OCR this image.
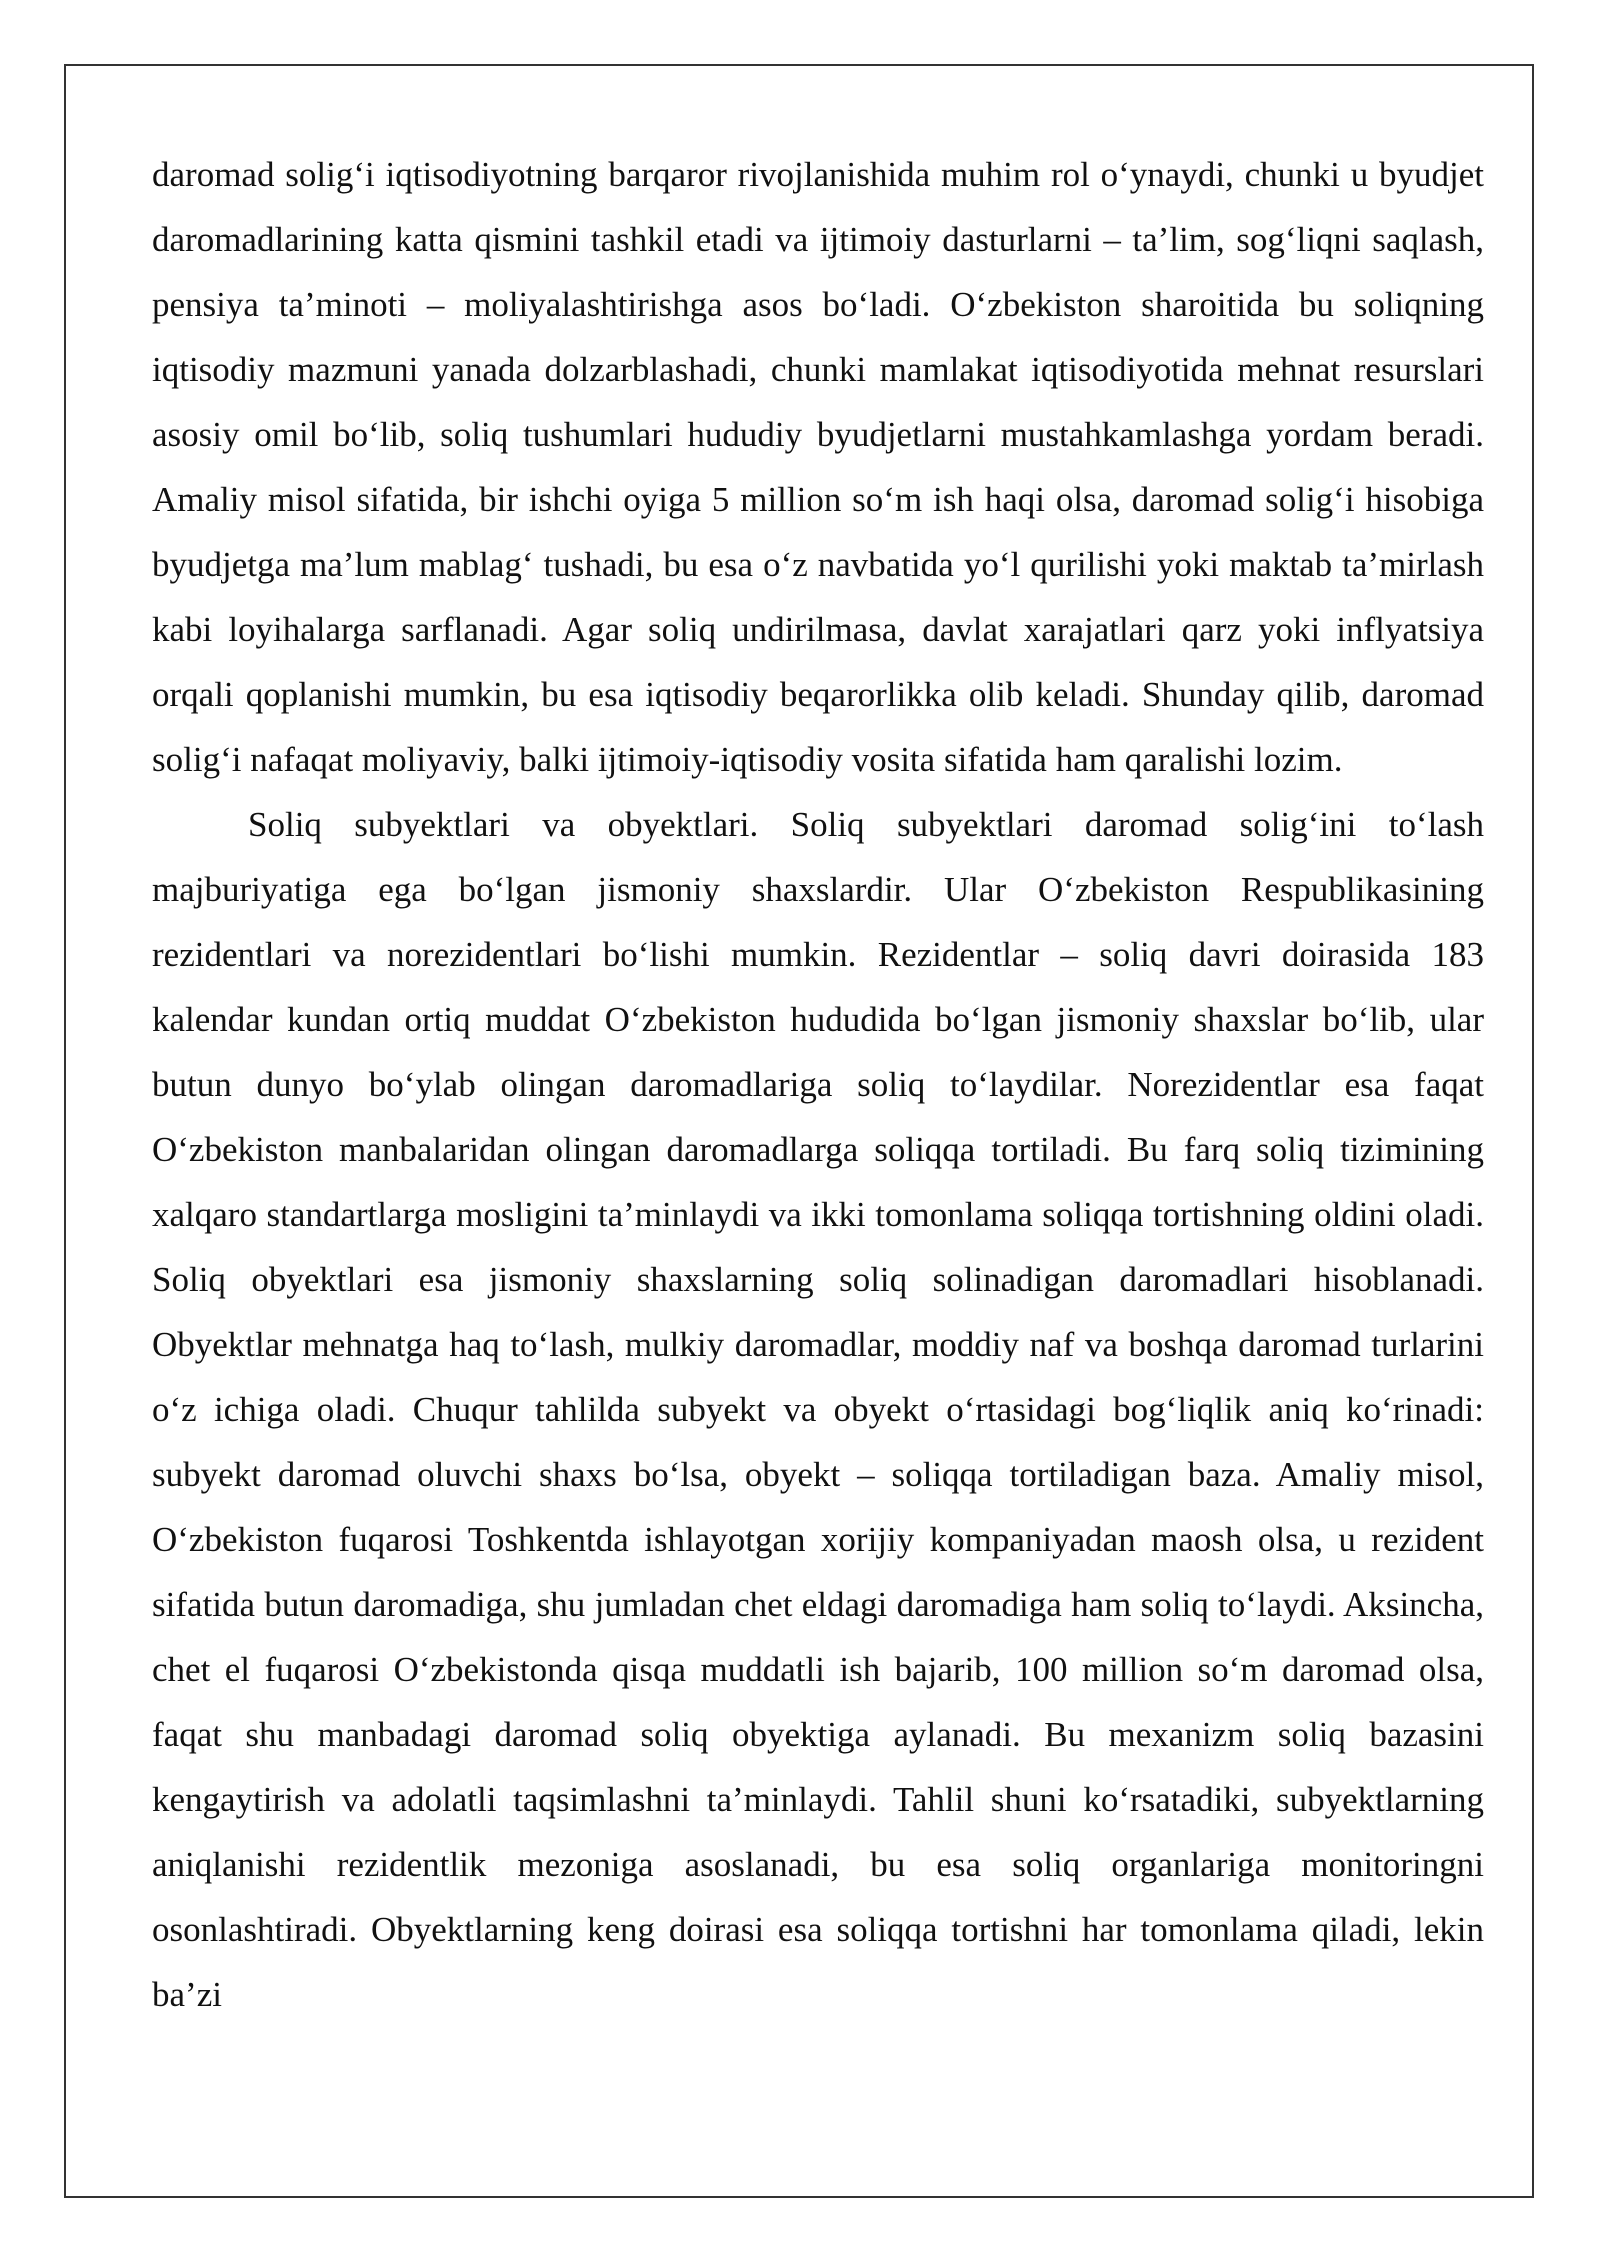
daromad solig‘i iqtisodiyotning barqaror rivojlanishida muhim rol o‘ynaydi, chunki u byudjet daromadlarining katta qismini tashkil etadi va ijtimoiy dasturlarni – ta’lim, sog‘liqni saqlash, pensiya ta’minoti – moliyalashtirishga asos bo‘ladi. O‘zbekiston sharoitida bu soliqning iqtisodiy mazmuni yanada dolzarblashadi, chunki mamlakat iqtisodiyotida mehnat resurslari asosiy omil bo‘lib, soliq tushumlari hududiy byudjetlarni mustahkamlashga yordam beradi. Amaliy misol sifatida, bir ishchi oyiga 5 million so‘m ish haqi olsa, daromad solig‘i hisobiga byudjetga ma’lum mablag‘ tushadi, bu esa o‘z navbatida yo‘l qurilishi yoki maktab ta’mirlash kabi loyihalarga sarflanadi. Agar soliq undirilmasa, davlat xarajatlari qarz yoki inflyatsiya orqali qoplanishi mumkin, bu esa iqtisodiy beqarorlikka olib keladi. Shunday qilib, daromad solig‘i nafaqat moliyaviy, balki ijtimoiy-iqtisodiy vosita sifatida ham qaralishi lozim.

Soliq subyektlari va obyektlari. Soliq subyektlari daromad solig‘ini to‘lash majburiyatiga ega bo‘lgan jismoniy shaxslardir. Ular O‘zbekiston Respublikasining rezidentlari va norezidentlari bo‘lishi mumkin. Rezidentlar – soliq davri doirasida 183 kalendar kundan ortiq muddat O‘zbekiston hududida bo‘lgan jismoniy shaxslar bo‘lib, ular butun dunyo bo‘ylab olingan daromadlariga soliq to‘laydilar. Norezidentlar esa faqat O‘zbekiston manbalaridan olingan daromadlarga soliqqa tortiladi. Bu farq soliq tizimining xalqaro standartlarga mosligini ta’minlaydi va ikki tomonlama soliqqa tortishning oldini oladi. Soliq obyektlari esa jismoniy shaxslarning soliq solinadigan daromadlari hisoblanadi. Obyektlar mehnatga haq to‘lash, mulkiy daromadlar, moddiy naf va boshqa daromad turlarini o‘z ichiga oladi. Chuqur tahlilda subyekt va obyekt o‘rtasidagi bog‘liqlik aniq ko‘rinadi: subyekt daromad oluvchi shaxs bo‘lsa, obyekt – soliqqa tortiladigan baza. Amaliy misol, O‘zbekiston fuqarosi Toshkentda ishlayotgan xorijiy kompaniyadan maosh olsa, u rezident sifatida butun daromadiga, shu jumladan chet eldagi daromadiga ham soliq to‘laydi. Aksincha, chet el fuqarosi O‘zbekistonda qisqa muddatli ish bajarib, 100 million so‘m daromad olsa, faqat shu manbadagi daromad soliq obyektiga aylanadi. Bu mexanizm soliq bazasini kengaytirish va adolatli taqsimlashni ta’minlaydi. Tahlil shuni ko‘rsatadiki, subyektlarning aniqlanishi rezidentlik mezoniga asoslanadi, bu esa soliq organlariga monitoringni osonlashtiradi. Obyektlarning keng doirasi esa soliqqa tortishni har tomonlama qiladi, lekin ba’zi
